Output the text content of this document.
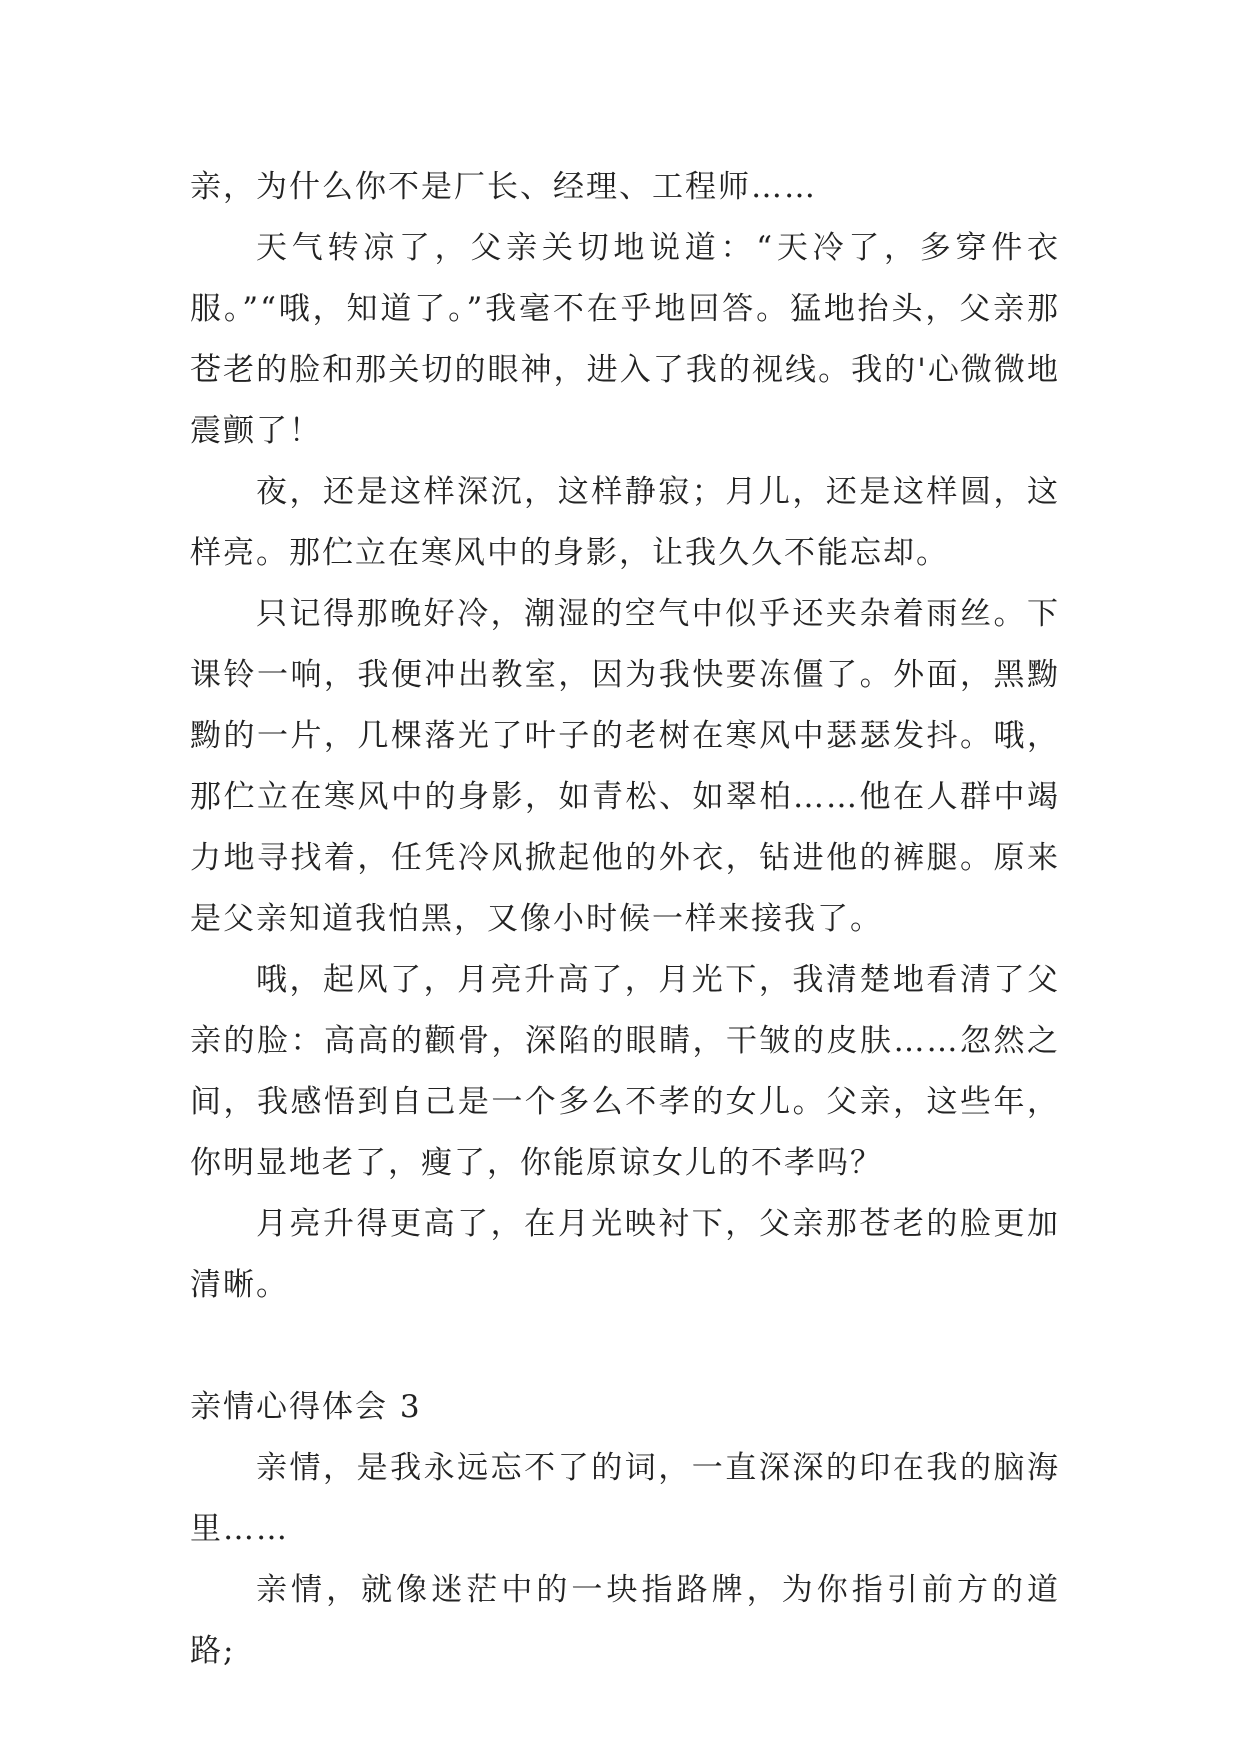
亲，为什么你不是厂长、经理、工程师……

天气转凉了，父亲关切地说道：“天冷了，多穿件衣服。”“哦，知道了。”我毫不在乎地回答。猛地抬头，父亲那苍老的脸和那关切的眼神，进入了我的视线。我的'心微微地震颤了！

夜，还是这样深沉，这样静寂；月儿，还是这样圆，这样亮。那伫立在寒风中的身影，让我久久不能忘却。

只记得那晚好冷，潮湿的空气中似乎还夹杂着雨丝。下课铃一响，我便冲出教室，因为我快要冻僵了。外面，黑黝黝的一片，几棵落光了叶子的老树在寒风中瑟瑟发抖。哦，那伫立在寒风中的身影，如青松、如翠柏……他在人群中竭力地寻找着，任凭冷风掀起他的外衣，钻进他的裤腿。原来是父亲知道我怕黑，又像小时候一样来接我了。

哦，起风了，月亮升高了，月光下，我清楚地看清了父亲的脸：高高的颧骨，深陷的眼睛，干皱的皮肤……忽然之间，我感悟到自己是一个多么不孝的女儿。父亲，这些年，你明显地老了，瘦了，你能原谅女儿的不孝吗？

月亮升得更高了，在月光映衬下，父亲那苍老的脸更加清晰。

亲情心得体会 3

亲情，是我永远忘不了的词，一直深深的印在我的脑海里……

亲情，就像迷茫中的一块指路牌，为你指引前方的道路;
